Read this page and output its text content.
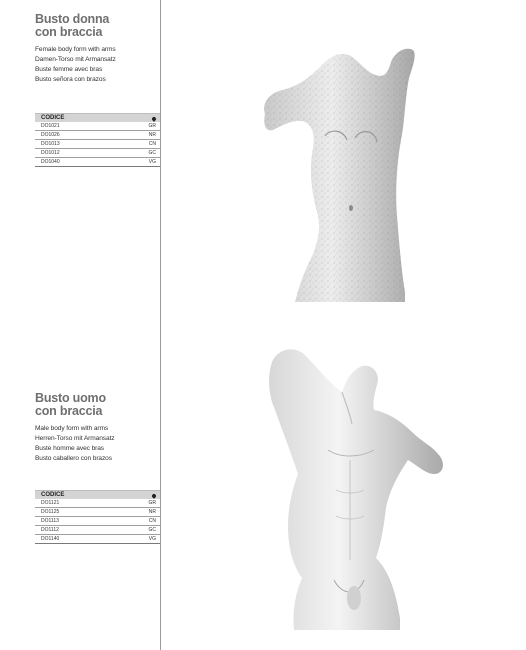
Busto donna
con braccia
Female body form with arms
Damen-Torso mit Armansatz
Buste femme avec bras
Busto señora con brazos
CODICE
DO1021	GR
DO1026	NR
DO1013	CN
DO1012	GC
DO1040	VG
Busto uomo
con braccia
Male body form with arms
Herren-Torso mit Armansatz
Buste homme avec bras
Busto caballero con brazos
CODICE
DO1121	GR
DO1125	NR
DO1113	CN
DO1112	GC
DO1140	VG
